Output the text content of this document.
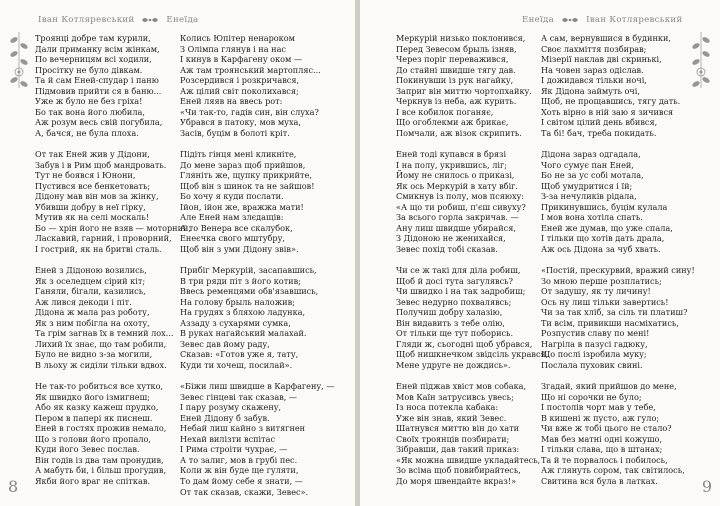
Іван Котляревський	Енеїда
Троянці добре там курили,
Дали приманку всім жінкам,
По вечерницям всі ходили,
Просітку не було дівкам.
Та й сам Еней-спудар і паню
Підмовив прийти ся в баню...
Уже ж було не без гріха!
Бо так вона його любила,
Аж розум весь свій погубила,
А, бачся, не була плоха.
От так Еней жив у Дідони,
Забув і в Рим щоб мандровать.
Тут не боявся і Юнони,
Пустився все бенкетовать;
Дідону мав він мов за жінку,
Убивши добру в неї гірку,
Мутив як на селі москаль!
Бо — хрін його не взяв — моторний,
Ласкавий, гарний, і проворний,
І гострий, як на бритві сталь.
Еней з Дідоною возились,
Як з оселедцем сірий кіт;
Ганяли, бігали, казились,
Аж лився декоди і піт.
Дідона ж мала раз роботу,
Як з ним побігла на охоту,
Та грім загнав їх в темний лох...
Лихий їх знає, що там робили,
Було не видно з-за могили,
В льоху ж сиділи тільки вдвох.
Не так-то робиться все хутко,
Як швидко його ізмигнеш;
Або як казку кажеш прудко,
Пером в папері як писнеш.
Еней в гостях прожив немало,
Що з голови його пропало,
Куди його Зевес послав.
Він годів із два там пронудив,
А мабуть би, і більш прогудив,
Якби його враг не спіткав.
Колись Юпітер ненароком
З Олімпа глянув і на нас
І кинув в Карфагену оком —
Аж там троянський мартопляс...
Розсердився і розкричався,
Аж цілий світ поколихався;
Еней ляяв на ввесь рот:
«Чи так-то, гадів син, він слуха?
Убрався в патоку, мов муха,
Засів, буцім в болоті кріт.
Підіть гінця мені кликніте,
До мене зараз щоб прийшов,
Гляніть же, щупку прикрийте,
Щоб він з шинок та не зайшов!
Бо хочу я куди послати.
Ійон, ійон же, вражжа мати!
Але Еней нам злєдащів:
А то Венера все скалубок,
Енеєчка свого мштубру,
Щоб він з уми Дідону звів».
Прибіг Меркурій, засапавшись,
В три ряди піт з його котив;
Ввесь ременцями обв'язавшись,
На голову брыль наложив;
На грудях з бляхою ладунка,
Аззаду з сухарями сумка,
В руках нагайський малахай.
Зевес дав йому раду,
Сказав: «Готов уже я, тату,
Куди ти хочеш, посилай».
«Біжи лиш швидше в Карфагену, —
Зевес гінцеві так сказав, —
І пару розуму скажену,
Еней Дідону б забув.
Небай лиш кайно з витягнен
Нехай вилізти вспітас
І Рима строіти чухрає, —
А то залиг, мов в грубі пес.
Коли ж він буде ще гуляти,
То дам йому себе я знати, —
От так сказав, скажи, Зевес».
8
Енеїда	Іван Котляревський
Меркурій низько поклонився,
Перед Зевесом брыль ізняв,
Через поріг переважився,
До стайні швидше тягу дав.
Покинувши із рук нагайку,
Заприг він миттю чортопхайку.
Черкнув із неба, аж курить.
І все кобилок поганяє,
Що огоблекми аж брикає,
Помчали, аж візок скрипить.
Еней тоді купався в брязі
І на полу, укрившись, ліг;
Йому не снилось о приказі,
Як ось Меркурій в хату вбіг.
Смикнув із полу, мов псяюху:
«А що ти робиш, п'єш сивуху?
За всього горла закричав. —
Ану лиш швидше убирайся,
З Дідоною не женихайся,
Зевес похід тобі сказав.
Чи се ж такі для діла робиш,
Щоб й досі тута загулявсь?
Чи швидко і на так задробиш;
Зевес недурно похвалявсь;
Получиш добру халазію,
Він видавить з тебе олію,
От тільки ще тут поборись.
Гляди ж, сьогодні щоб убрався,
Щоб нишкнечком звідсіль укрався,
Мене удруге не дождись».
Еней піджав хвіст мов собака,
Мов Каїн затрусивсь увесь;
Із носа потекла кабака:
Уже він знав, який Зевес.
Шатнувся миттю він до хати
Своїх троянців позбирати;
Зібравши, дав такий приказ:
«Як можна швидше укладайтесь,
Зо всіма щоб повибирайтесь,
До моря швендайте вкраз!»
А сам, вернувшися в будинки,
Своє лахміття позбирав;
Мізерії наклав дві скринькі,
На човен зараз одіслав.
І дожидався тільки ночі,
Як Дідона займуть очі,
Щоб, не прощавшись, тягу дать.
Хоть вірно в ній заю я зичився
І світом цілий день вбився,
Та бі! бач, треба покидать.
Дідона зараз одгадала,
Чого сумує пан Еней,
Бо не за ус собі мотала,
Щоб умудритися і їй;
З-за нечуликів рідала,
Прикинувшись, буцім кулала
І мов вона хотіла спать.
Еней же думав, що уже спала,
І тільки що хотів дать драла,
Аж ось Дідона за чуб хвать.
«Постій, прескурвий, вражий сину!
Зо мною перше розплатись;
От задушу, як ту личину!
Ось ну лиш тільки завертись!
Чи за так хліб, за сіль ти платиш?
Ти всім, привикши насміхатись,
Розпустив славу по мені!
Нагріла в пазусі гадюку,
Що послі ізробила муку;
Послала пуховик свині.
Згадай, який прийшов до мене,
Що ні сорочки не було;
І постолів чорт мав у тебе,
В кишені ж пусто, аж гуло;
Чи вже ж тобі цього не стало?
Мав без матні одні кожушо,
І тільки слава, що в штанах;
Та й те порвалось і побилось,
Аж глянуть сором, так світилось,
Свитина вся була в латках.	9
